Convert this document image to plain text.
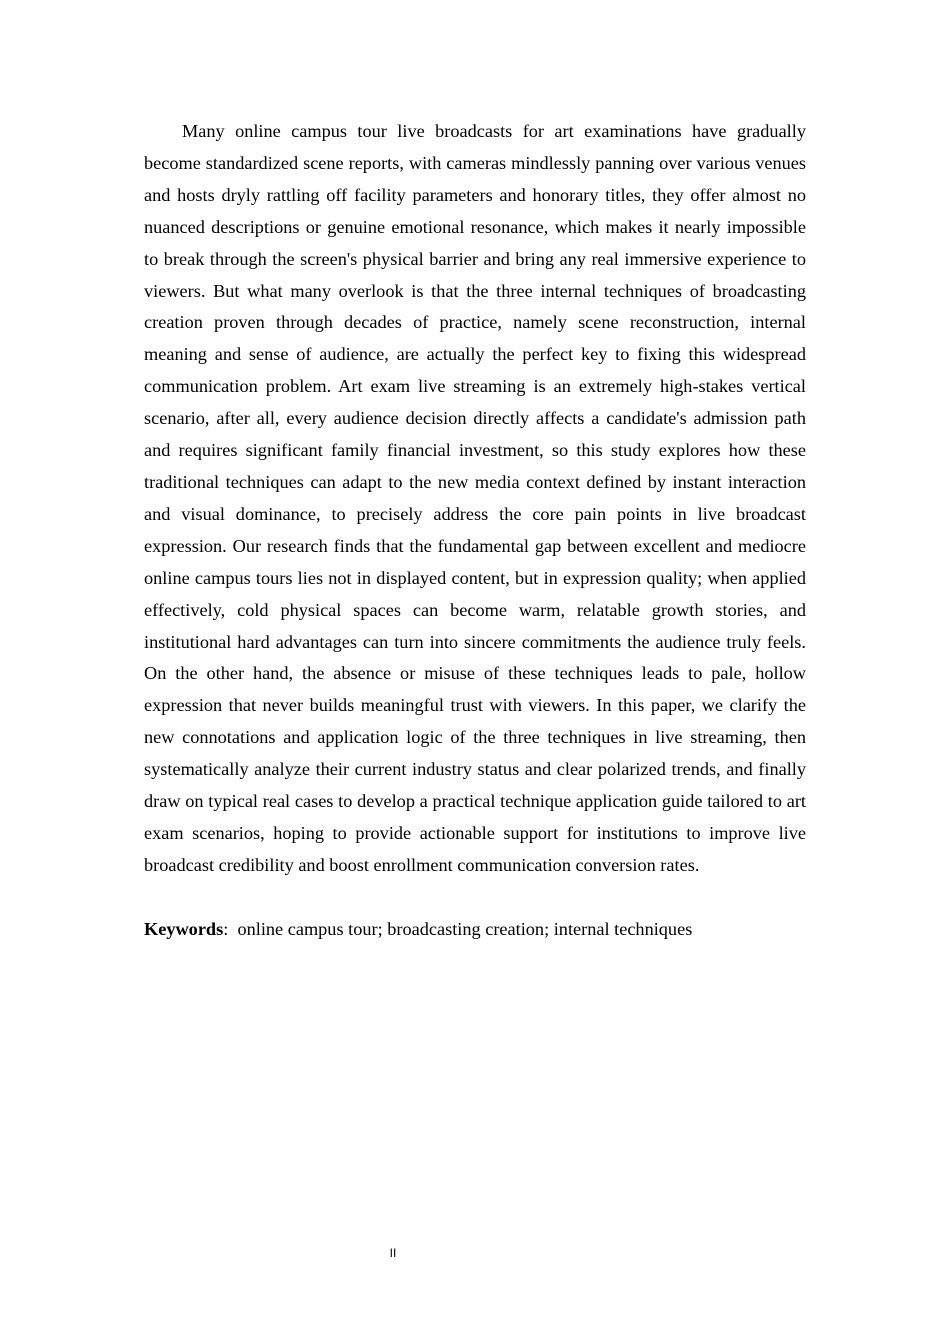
Many online campus tour live broadcasts for art examinations have gradually become standardized scene reports, with cameras mindlessly panning over various venues and hosts dryly rattling off facility parameters and honorary titles, they offer almost no nuanced descriptions or genuine emotional resonance, which makes it nearly impossible to break through the screen's physical barrier and bring any real immersive experience to viewers. But what many overlook is that the three internal techniques of broadcasting creation proven through decades of practice, namely scene reconstruction, internal meaning and sense of audience, are actually the perfect key to fixing this widespread communication problem. Art exam live streaming is an extremely high-stakes vertical scenario, after all, every audience decision directly affects a candidate's admission path and requires significant family financial investment, so this study explores how these traditional techniques can adapt to the new media context defined by instant interaction and visual dominance, to precisely address the core pain points in live broadcast expression. Our research finds that the fundamental gap between excellent and mediocre online campus tours lies not in displayed content, but in expression quality; when applied effectively, cold physical spaces can become warm, relatable growth stories, and institutional hard advantages can turn into sincere commitments the audience truly feels. On the other hand, the absence or misuse of these techniques leads to pale, hollow expression that never builds meaningful trust with viewers. In this paper, we clarify the new connotations and application logic of the three techniques in live streaming, then systematically analyze their current industry status and clear polarized trends, and finally draw on typical real cases to develop a practical technique application guide tailored to art exam scenarios, hoping to provide actionable support for institutions to improve live broadcast credibility and boost enrollment communication conversion rates.

Keywords:  online campus tour; broadcasting creation; internal techniques

II
